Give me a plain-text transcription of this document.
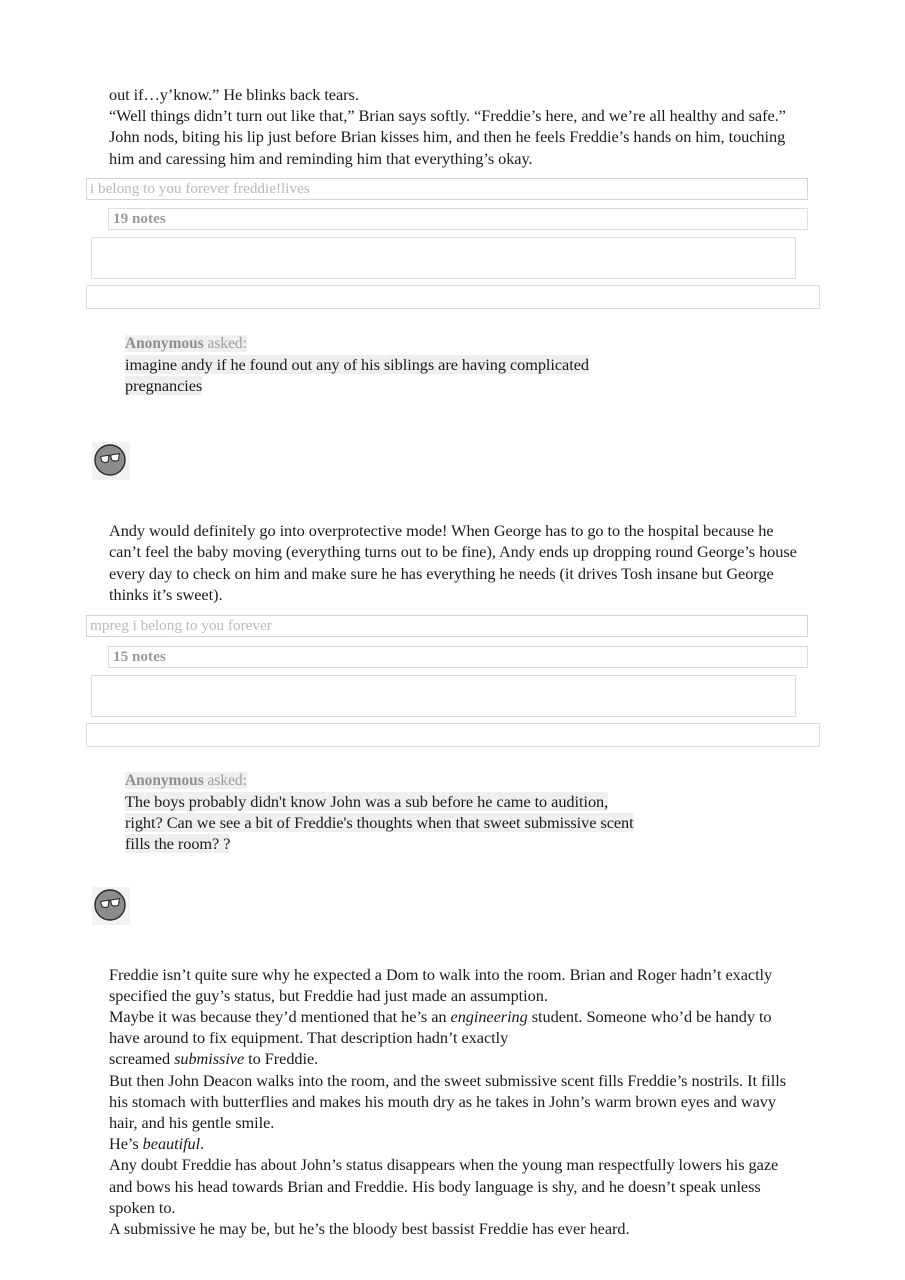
out if…y’know.” He blinks back tears.
“Well things didn’t turn out like that,” Brian says softly. “Freddie’s here, and we’re all healthy and safe.”
John nods, biting his lip just before Brian kisses him, and then he feels Freddie’s hands on him, touching him and caressing him and reminding him that everything’s okay.
i belong to you forever freddie!lives
19 notes
Anonymous asked:
imagine andy if he found out any of his siblings are having complicated
pregnancies
Andy would definitely go into overprotective mode! When George has to go to the hospital because he can’t feel the baby moving (everything turns out to be fine), Andy ends up dropping round George’s house every day to check on him and make sure he has everything he needs (it drives Tosh insane but George thinks it’s sweet).
mpreg i belong to you forever
15 notes
Anonymous asked:
The boys probably didn't know John was a sub before he came to audition,
right? Can we see a bit of Freddie's thoughts when that sweet submissive scent
fills the room? ?
Freddie isn’t quite sure why he expected a Dom to walk into the room. Brian and Roger hadn’t exactly specified the guy’s status, but Freddie had just made an assumption.
Maybe it was because they’d mentioned that he’s an engineering student. Someone who’d be handy to have around to fix equipment. That description hadn’t exactly
screamed submissive to Freddie.
But then John Deacon walks into the room, and the sweet submissive scent fills Freddie’s nostrils. It fills his stomach with butterflies and makes his mouth dry as he takes in John’s warm brown eyes and wavy hair, and his gentle smile.
He’s beautiful.
Any doubt Freddie has about John’s status disappears when the young man respectfully lowers his gaze and bows his head towards Brian and Freddie. His body language is shy, and he doesn’t speak unless spoken to.
A submissive he may be, but he’s the bloody best bassist Freddie has ever heard.
